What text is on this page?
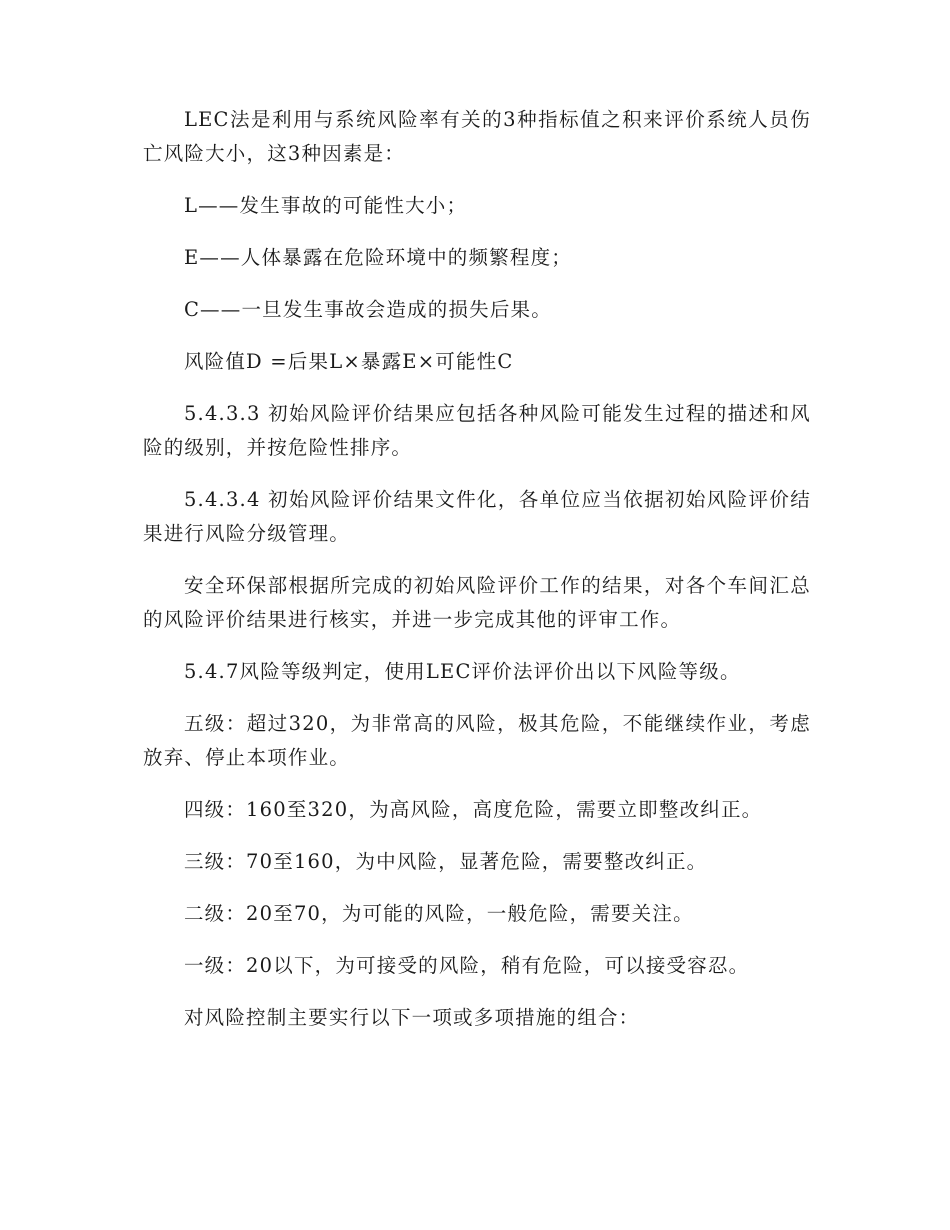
LEC法是利用与系统风险率有关的3种指标值之积来评价系统人员伤亡风险大小，这3种因素是：

L——发生事故的可能性大小；

E——人体暴露在危险环境中的频繁程度；

C——一旦发生事故会造成的损失后果。

风险值D =后果L×暴露E×可能性C

5.4.3.3 初始风险评价结果应包括各种风险可能发生过程的描述和风险的级别，并按危险性排序。

5.4.3.4 初始风险评价结果文件化，各单位应当依据初始风险评价结果进行风险分级管理。

安全环保部根据所完成的初始风险评价工作的结果，对各个车间汇总的风险评价结果进行核实，并进一步完成其他的评审工作。

5.4.7风险等级判定，使用LEC评价法评价出以下风险等级。

五级：超过320，为非常高的风险，极其危险，不能继续作业，考虑放弃、停止本项作业。

四级：160至320，为高风险，高度危险，需要立即整改纠正。

三级：70至160，为中风险，显著危险，需要整改纠正。

二级：20至70，为可能的风险，一般危险，需要关注。

一级：20以下，为可接受的风险，稍有危险，可以接受容忍。

对风险控制主要实行以下一项或多项措施的组合：
